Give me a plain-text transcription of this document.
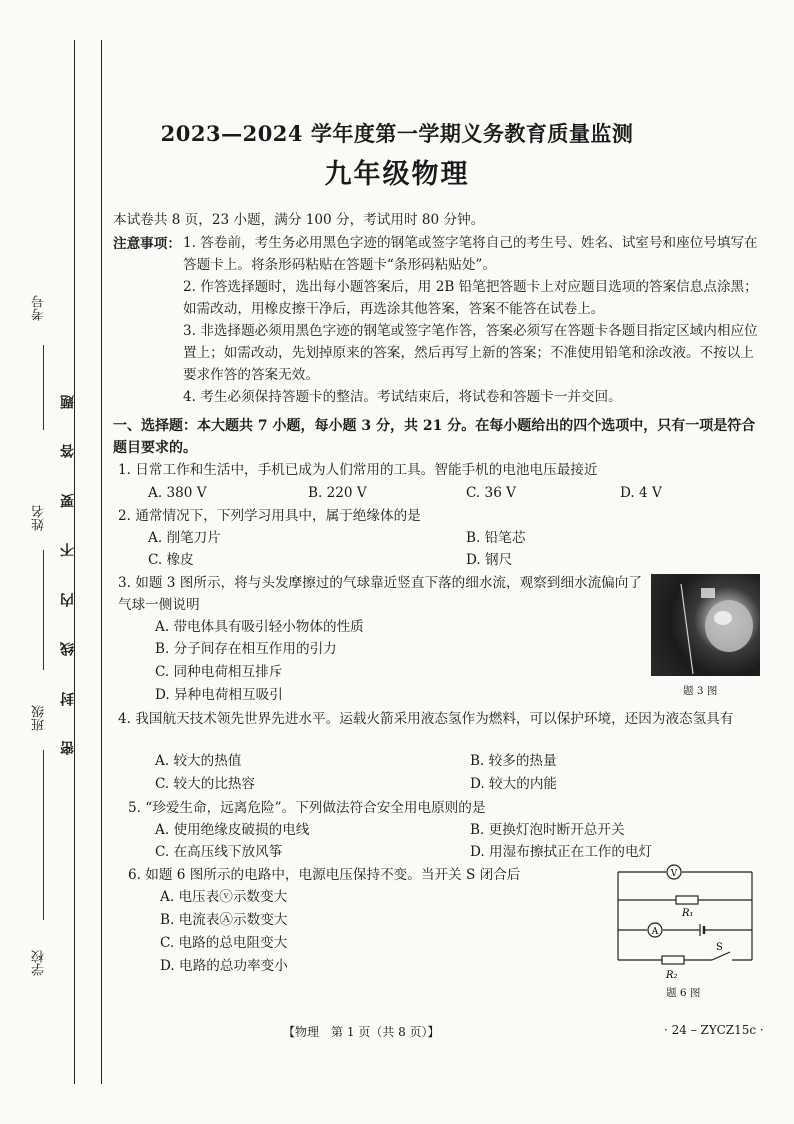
考号
姓名
班级
学校
密
封
线
内
不
要
答
题
2023—2024 学年度第一学期义务教育质量监测
九年级物理
本试卷共 8 页，23 小题，满分 100 分，考试用时 80 分钟。
注意事项： 1. 答卷前，考生务必用黑色字迹的钢笔或签字笔将自己的考生号、姓名、试室号和座位号填写在答题卡上。将条形码粘贴在答题卡“条形码粘贴处”。
2. 作答选择题时，选出每小题答案后，用 2B 铅笔把答题卡上对应题目选项的答案信息点涂黑；如需改动，用橡皮擦干净后，再选涂其他答案，答案不能答在试卷上。
3. 非选择题必须用黑色字迹的钢笔或签字笔作答，答案必须写在答题卡各题目指定区域内相应位置上；如需改动，先划掉原来的答案，然后再写上新的答案；不准使用铅笔和涂改液。不按以上要求作答的答案无效。
4. 考生必须保持答题卡的整洁。考试结束后，将试卷和答题卡一并交回。
一、选择题：本大题共 7 小题，每小题 3 分，共 21 分。在每小题给出的四个选项中，只有一项是符合题目要求的。
1. 日常工作和生活中，手机已成为人们常用的工具。智能手机的电池电压最接近
A. 380 V	B. 220 V	C. 36 V	D. 4 V
2. 通常情况下，下列学习用具中，属于绝缘体的是
A. 削笔刀片	B. 铅笔芯
C. 橡皮	D. 钢尺
3. 如题 3 图所示，将与头发摩擦过的气球靠近竖直下落的细水流，观察到细水流偏向了气球一侧说明
A. 带电体具有吸引轻小物体的性质
B. 分子间存在相互作用的引力
C. 同种电荷相互排斥
D. 异种电荷相互吸引	题 3 图
4. 我国航天技术领先世界先进水平。运载火箭采用液态氢作为燃料，可以保护环境，还因为液态氢具有
A. 较大的热值	B. 较多的热量
C. 较大的比热容	D. 较大的内能
5. “珍爱生命，远离危险”。下列做法符合安全用电原则的是
A. 使用绝缘皮破损的电线	B. 更换灯泡时断开总开关
C. 在高压线下放风筝	D. 用湿布擦拭正在工作的电灯
6. 如题 6 图所示的电路中，电源电压保持不变。当开关 S 闭合后
A. 电压表ⓥ示数变大
B. 电流表Ⓐ示数变大
C. 电路的总电阻变大
D. 电路的总功率变小
V
A
R₁
R₂
S
题 6 图
【物理　第 1 页（共 8 页）】	· 24 – ZYCZ15c ·
